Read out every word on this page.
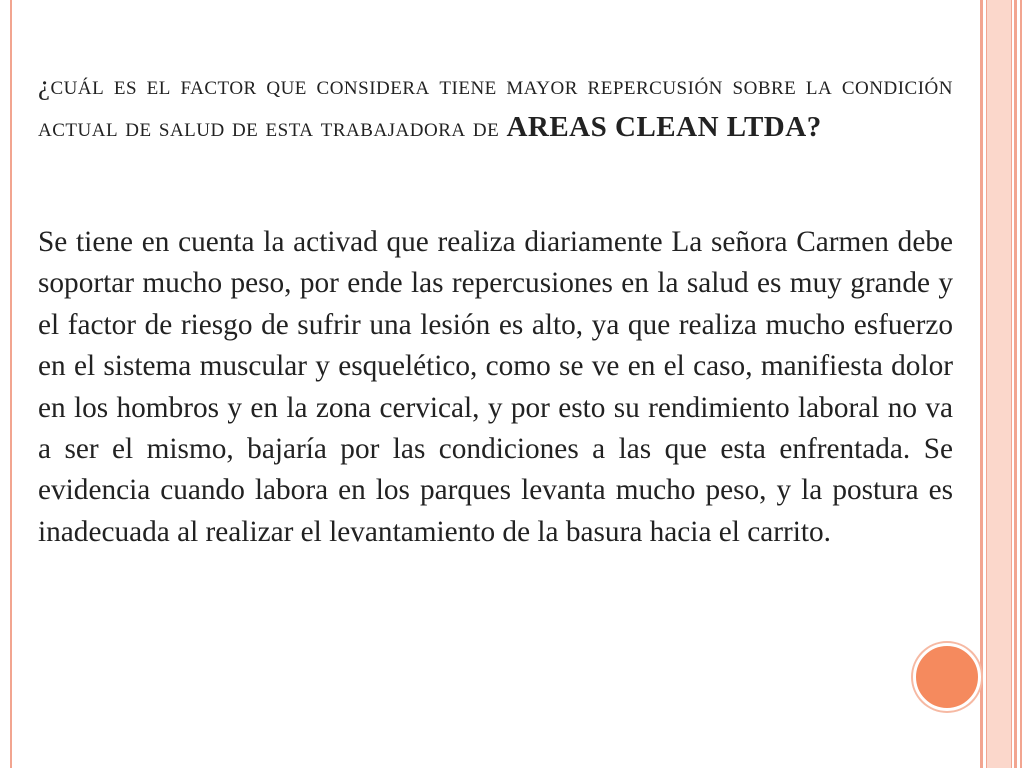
¿cuál es el factor que considera tiene mayor repercusión sobre la condición actual de salud de esta trabajadora de AREAS CLEAN LTDA?
Se tiene en cuenta la activad que realiza diariamente La señora Carmen debe soportar mucho peso, por ende las repercusiones en la salud es muy grande y el factor de riesgo de sufrir una lesión es alto, ya que realiza mucho esfuerzo en el sistema muscular y esquelético, como se ve en el caso, manifiesta dolor en los hombros y en la zona cervical, y por esto su rendimiento laboral no va a ser el mismo, bajaría por las condiciones a las que esta enfrentada. Se evidencia cuando labora en los parques levanta mucho peso, y la postura es inadecuada al realizar el levantamiento de la basura hacia el carrito.
